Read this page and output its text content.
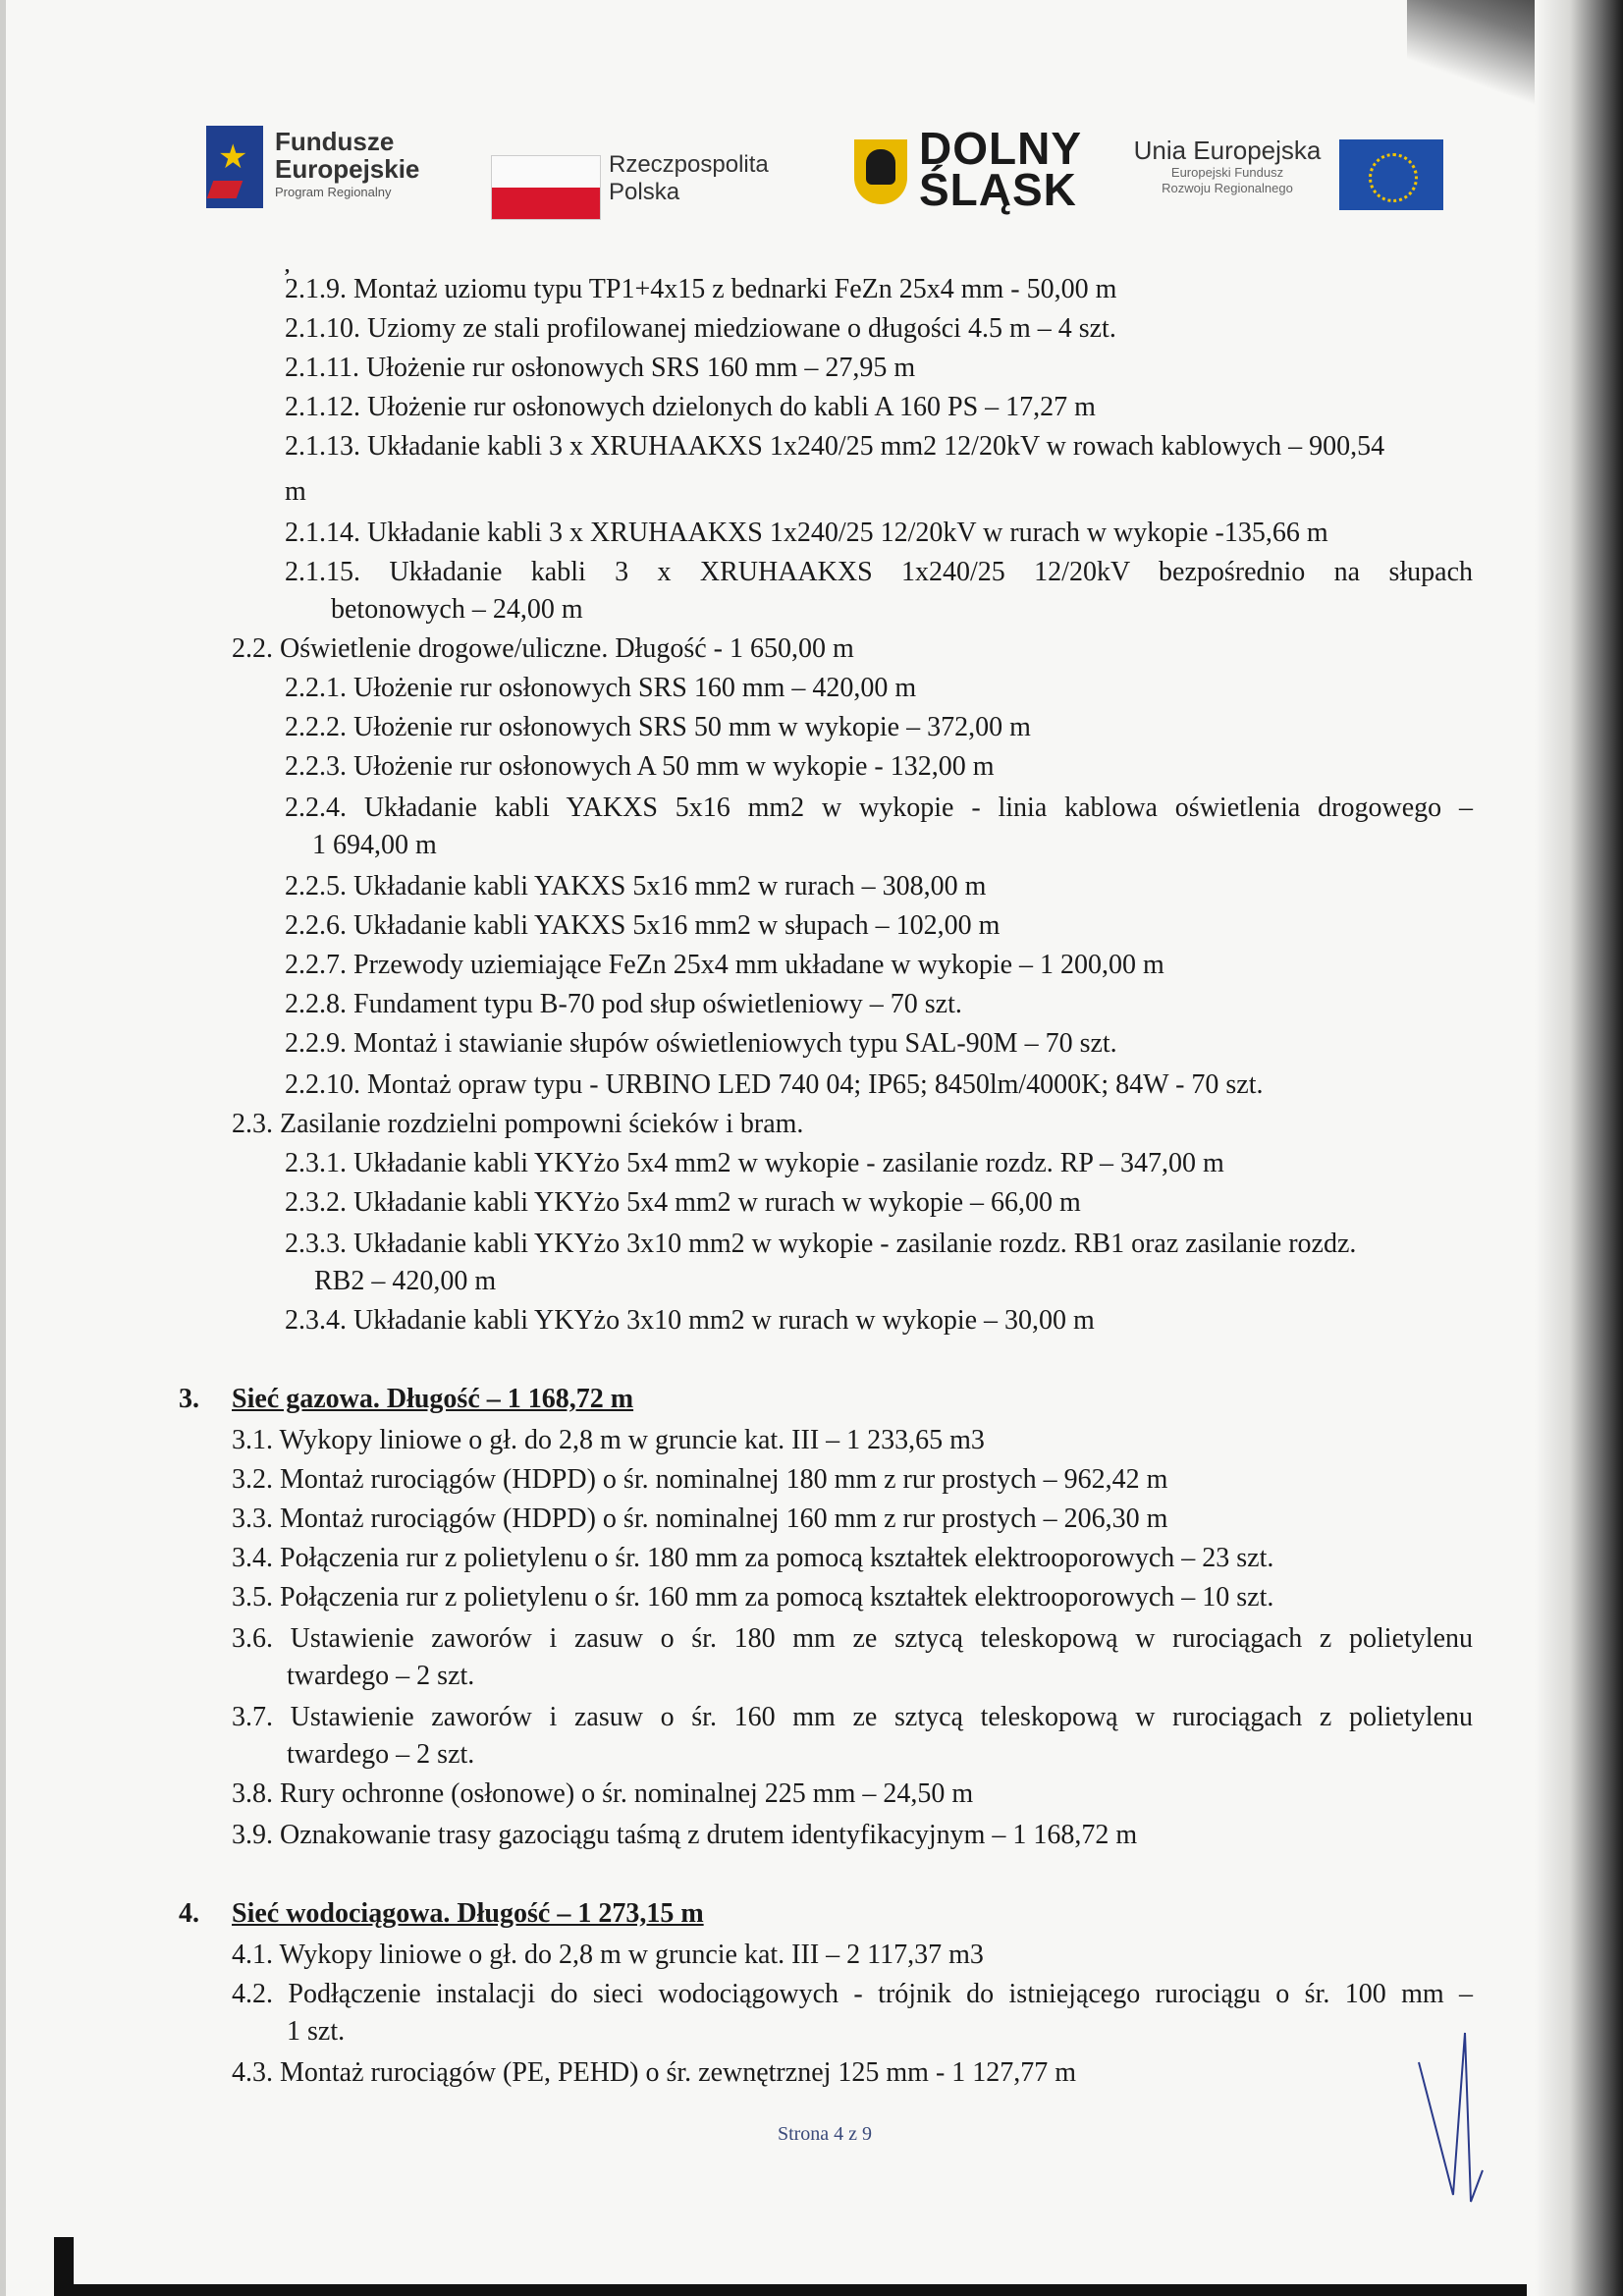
★ Fundusze
Europejskie
Program Regionalny
Rzeczpospolita
Polska
DOLNY
ŚLĄSK
Unia Europejska
Europejski Fundusz
Rozwoju Regionalnego
,
2.1.9. Montaż uziomu typu TP1+4x15 z bednarki FeZn 25x4 mm - 50,00 m
2.1.10. Uziomy ze stali profilowanej miedziowane o długości 4.5 m – 4 szt.
2.1.11. Ułożenie rur osłonowych SRS 160 mm – 27,95 m
2.1.12. Ułożenie rur osłonowych dzielonych do kabli A 160 PS – 17,27 m
2.1.13. Układanie kabli 3 x XRUHAAKXS 1x240/25 mm2 12/20kV w rowach kablowych – 900,54
m
2.1.14. Układanie kabli 3 x XRUHAAKXS 1x240/25 12/20kV w rurach w wykopie -135,66 m
2.1.15. Układanie kabli 3 x XRUHAAKXS 1x240/25 12/20kV bezpośrednio na słupach
betonowych – 24,00 m
2.2. Oświetlenie drogowe/uliczne. Długość - 1 650,00 m
2.2.1. Ułożenie rur osłonowych SRS 160 mm – 420,00 m
2.2.2. Ułożenie rur osłonowych SRS 50 mm w wykopie – 372,00 m
2.2.3. Ułożenie rur osłonowych A 50 mm w wykopie - 132,00 m
2.2.4. Układanie kabli YAKXS 5x16 mm2 w wykopie - linia kablowa oświetlenia drogowego –
1 694,00 m
2.2.5. Układanie kabli YAKXS 5x16 mm2 w rurach – 308,00 m
2.2.6. Układanie kabli YAKXS 5x16 mm2 w słupach – 102,00 m
2.2.7. Przewody uziemiające FeZn 25x4 mm układane w wykopie – 1 200,00 m
2.2.8. Fundament typu B-70 pod słup oświetleniowy – 70 szt.
2.2.9. Montaż i stawianie słupów oświetleniowych typu SAL-90M – 70 szt.
2.2.10. Montaż opraw typu - URBINO LED 740 04; IP65; 8450lm/4000K; 84W - 70 szt.
2.3. Zasilanie rozdzielni pompowni ścieków i bram.
2.3.1. Układanie kabli YKYżo 5x4 mm2 w wykopie - zasilanie rozdz. RP – 347,00 m
2.3.2. Układanie kabli YKYżo 5x4 mm2 w rurach w wykopie – 66,00 m
2.3.3. Układanie kabli YKYżo 3x10 mm2 w wykopie - zasilanie rozdz. RB1 oraz zasilanie rozdz.
RB2 – 420,00 m
2.3.4. Układanie kabli YKYżo 3x10 mm2 w rurach w wykopie – 30,00 m
3. Sieć gazowa. Długość – 1 168,72 m
3.1. Wykopy liniowe o gł. do 2,8 m w gruncie kat. III – 1 233,65 m3
3.2. Montaż rurociągów (HDPD) o śr. nominalnej 180 mm z rur prostych – 962,42 m
3.3. Montaż rurociągów (HDPD) o śr. nominalnej 160 mm z rur prostych – 206,30 m
3.4. Połączenia rur z polietylenu o śr. 180 mm za pomocą kształtek elektrooporowych – 23 szt.
3.5. Połączenia rur z polietylenu o śr. 160 mm za pomocą kształtek elektrooporowych – 10 szt.
3.6. Ustawienie zaworów i zasuw o śr. 180 mm ze sztycą teleskopową w rurociągach z polietylenu
twardego – 2 szt.
3.7. Ustawienie zaworów i zasuw o śr. 160 mm ze sztycą teleskopową w rurociągach z polietylenu
twardego – 2 szt.
3.8. Rury ochronne (osłonowe) o śr. nominalnej 225 mm – 24,50 m
3.9. Oznakowanie trasy gazociągu taśmą z drutem identyfikacyjnym – 1 168,72 m
4. Sieć wodociągowa. Długość – 1 273,15 m
4.1. Wykopy liniowe o gł. do 2,8 m w gruncie kat. III – 2 117,37 m3
4.2. Podłączenie instalacji do sieci wodociągowych - trójnik do istniejącego rurociągu o śr. 100 mm –
1 szt.
4.3. Montaż rurociągów (PE, PEHD) o śr. zewnętrznej 125 mm - 1 127,77 m
Strona 4 z 9
